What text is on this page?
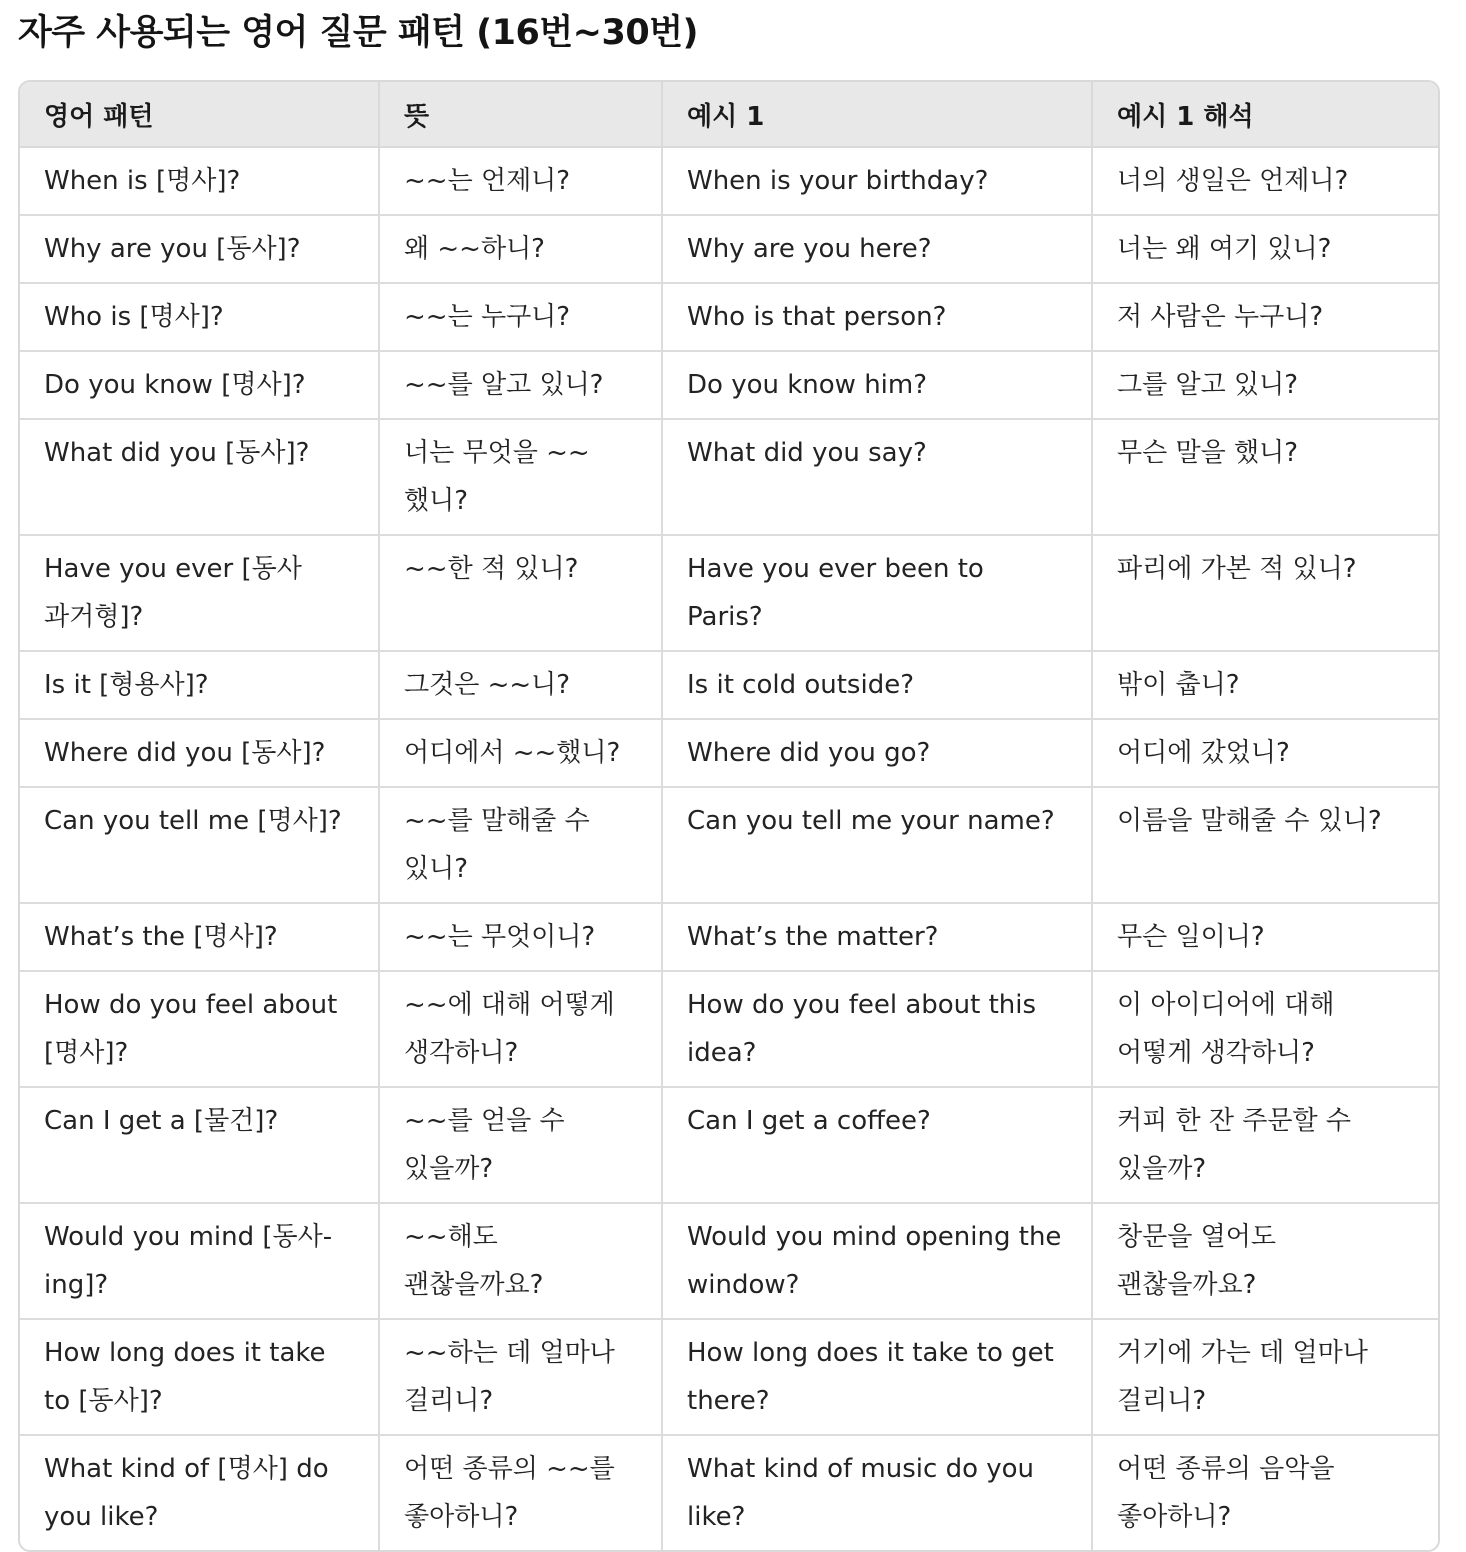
자주 사용되는 영어 질문 패턴 (16번~30번)
영어 패턴	뜻	예시 1	예시 1 해석
When is [명사]?	~~는 언제니?	When is your birthday?	너의 생일은 언제니?
Why are you [동사]?	왜 ~~하니?	Why are you here?	너는 왜 여기 있니?
Who is [명사]?	~~는 누구니?	Who is that person?	저 사람은 누구니?
Do you know [명사]?	~~를 알고 있니?	Do you know him?	그를 알고 있니?
What did you [동사]?	너는 무엇을 ~~했니?	What did you say?	무슨 말을 했니?
Have you ever [동사 과거형]?	~~한 적 있니?	Have you ever been to Paris?	파리에 가본 적 있니?
Is it [형용사]?	그것은 ~~니?	Is it cold outside?	밖이 춥니?
Where did you [동사]?	어디에서 ~~했니?	Where did you go?	어디에 갔었니?
Can you tell me [명사]?	~~를 말해줄 수 있니?	Can you tell me your name?	이름을 말해줄 수 있니?
What’s the [명사]?	~~는 무엇이니?	What’s the matter?	무슨 일이니?
How do you feel about [명사]?	~~에 대해 어떻게 생각하니?	How do you feel about this idea?	이 아이디어에 대해 어떻게 생각하니?
Can I get a [물건]?	~~를 얻을 수 있을까?	Can I get a coffee?	커피 한 잔 주문할 수 있을까?
Would you mind [동사-ing]?	~~해도 괜찮을까요?	Would you mind opening the window?	창문을 열어도 괜찮을까요?
How long does it take to [동사]?	~~하는 데 얼마나 걸리니?	How long does it take to get there?	거기에 가는 데 얼마나 걸리니?
What kind of [명사] do you like?	어떤 종류의 ~~를 좋아하니?	What kind of music do you like?	어떤 종류의 음악을 좋아하니?
